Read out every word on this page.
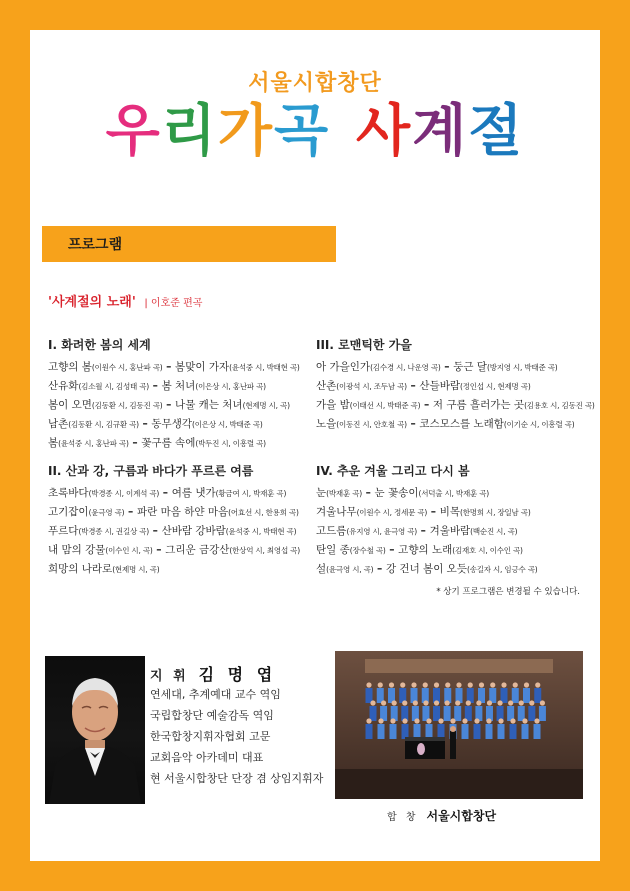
서울시합창단
우리가곡 사계절
프로그램
'사계절의 노래' | 이호준 편곡
I. 화려한 봄의 세계
고향의 봄(이원수 시, 홍난파 곡) – 봄맞이 가자(윤석중 시, 박태현 곡)
산유화(김소월 시, 김성태 곡) – 봄 처녀(이은상 시, 홍난파 곡)
봄이 오면(김동환 시, 김동진 곡) – 나물 캐는 처녀(현제명 시, 곡)
남촌(김동환 시, 김규환 곡) – 동무생각(이은상 시, 박태준 곡)
봄(윤석중 시, 홍난파 곡) – 꽃구름 속에(박두진 시, 이흥렬 곡)
II. 산과 강, 구름과 바다가 푸르른 여름
초록바다(박경종 시, 이계석 곡) – 여름 냇가(황금여 시, 박재훈 곡)
고기잡이(윤극영 곡) – 파란 마음 하얀 마음(어효선 시, 한용희 곡)
푸르다(박경종 시, 권길상 곡) – 산바람 강바람(윤석중 시, 박태현 곡)
내 맘의 강물(이수인 시, 곡) – 그리운 금강산(한상억 시, 최영섭 곡)
희망의 나라로(현제명 시, 곡)
III. 로맨틱한 가을
아 가을인가(김수경 시, 나운영 곡) – 둥근 달(방지영 시, 박태준 곡)
산촌(이광석 시, 조두남 곡) – 산들바람(정인섭 시, 현제명 곡)
가을 밤(이태선 시, 박태준 곡) – 저 구름 흘러가는 곳(김용호 시, 김동진 곡)
노을(이동진 시, 안호철 곡) – 코스모스를 노래함(이기순 시, 이흥렬 곡)
IV. 추운 겨울 그리고 다시 봄
눈(박재훈 곡) – 눈 꽃송이(서덕출 시, 박재훈 곡)
겨울나무(이원수 시, 정세문 곡) – 비목(한명희 시, 장일남 곡)
고드름(유지영 시, 윤극영 곡) – 겨울바람(백순진 시, 곡)
탄일 종(장수철 곡) – 고향의 노래(김재호 시, 이수인 곡)
설(윤극영 시, 곡) – 강 건너 봄이 오듯(송길자 시, 임긍수 곡)
* 상기 프로그램은 변경될 수 있습니다.
지 휘 김 명 엽
연세대, 추계예대 교수 역임
국립합창단 예술감독 역임
한국합창지휘자협회 고문
교회음악 아카데미 대표
현 서울시합창단 단장 겸 상임지휘자
합 창 서울시합창단
